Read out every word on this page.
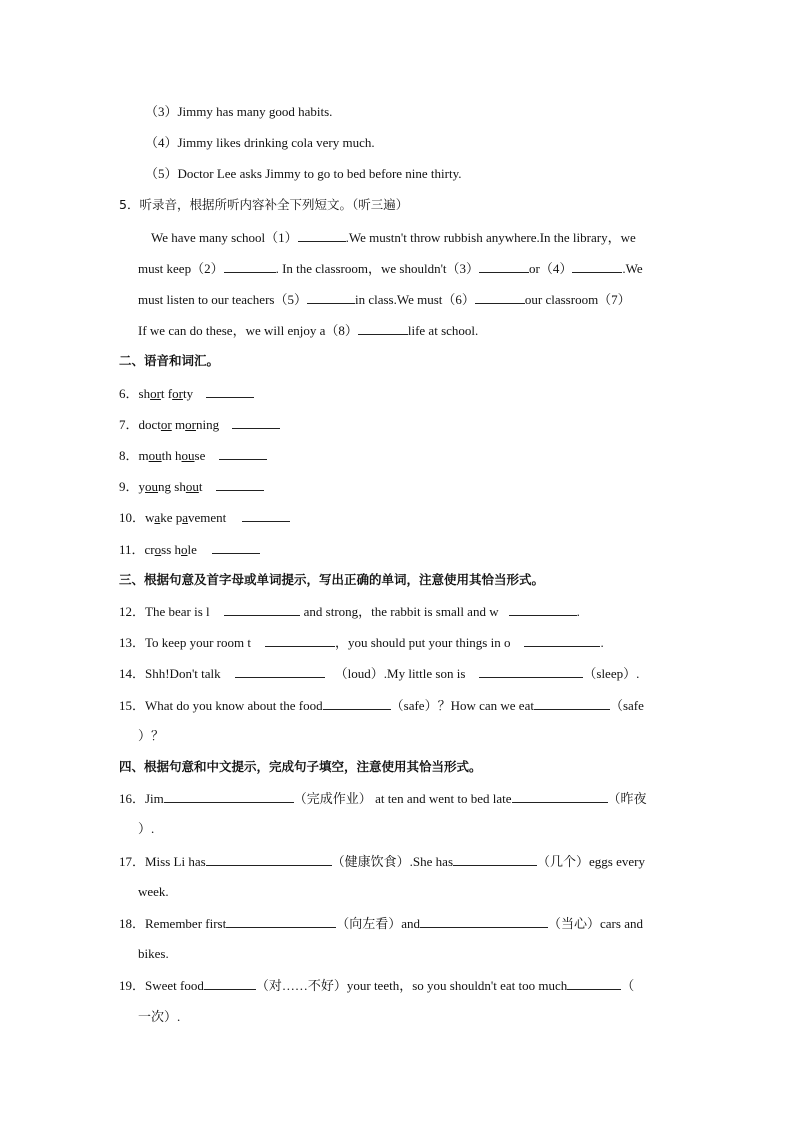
（3）Jimmy has many good habits.
（4）Jimmy likes drinking cola very much.
（5）Doctor Lee asks Jimmy to go to bed before nine thirty.
5．听录音，根据所听内容补全下列短文。（听三遍）
We have many school（1）	.We mustn't throw rubbish anywhere.In the library，we
must keep（2）	. In the classroom，we shouldn't（3）	or（4）	.We
must listen to our teachers（5）	in class.We must（6）	our classroom（7）
If we can do these，we will enjoy a（8）	life at school.
二、语音和词汇。
6．short forty
7．doctor morning
8．mouth house
9．young shout
10．wake pavement
11．cross hole
三、根据句意及首字母或单词提示，写出正确的单词，注意使用其恰当形式。
12．The bear is l	and strong，the rabbit is small and w	.
13．To keep your room t	，you should put your things in o	.
14．Shh!Don't talk	（loud）.My little son is	（sleep）.
15．What do you know about the food	（safe）？How can we eat	（safe
）？
四、根据句意和中文提示，完成句子填空，注意使用其恰当形式。
16．Jim	（完成作业） at ten and went to bed late	（昨夜
）.
17．Miss Li has	（健康饮食）.She has	（几个）eggs every
week.
18．Remember first	（向左看）and	（当心）cars and
bikes.
19．Sweet food	（对……不好）your teeth，so you shouldn't eat too much	（
一次）.
